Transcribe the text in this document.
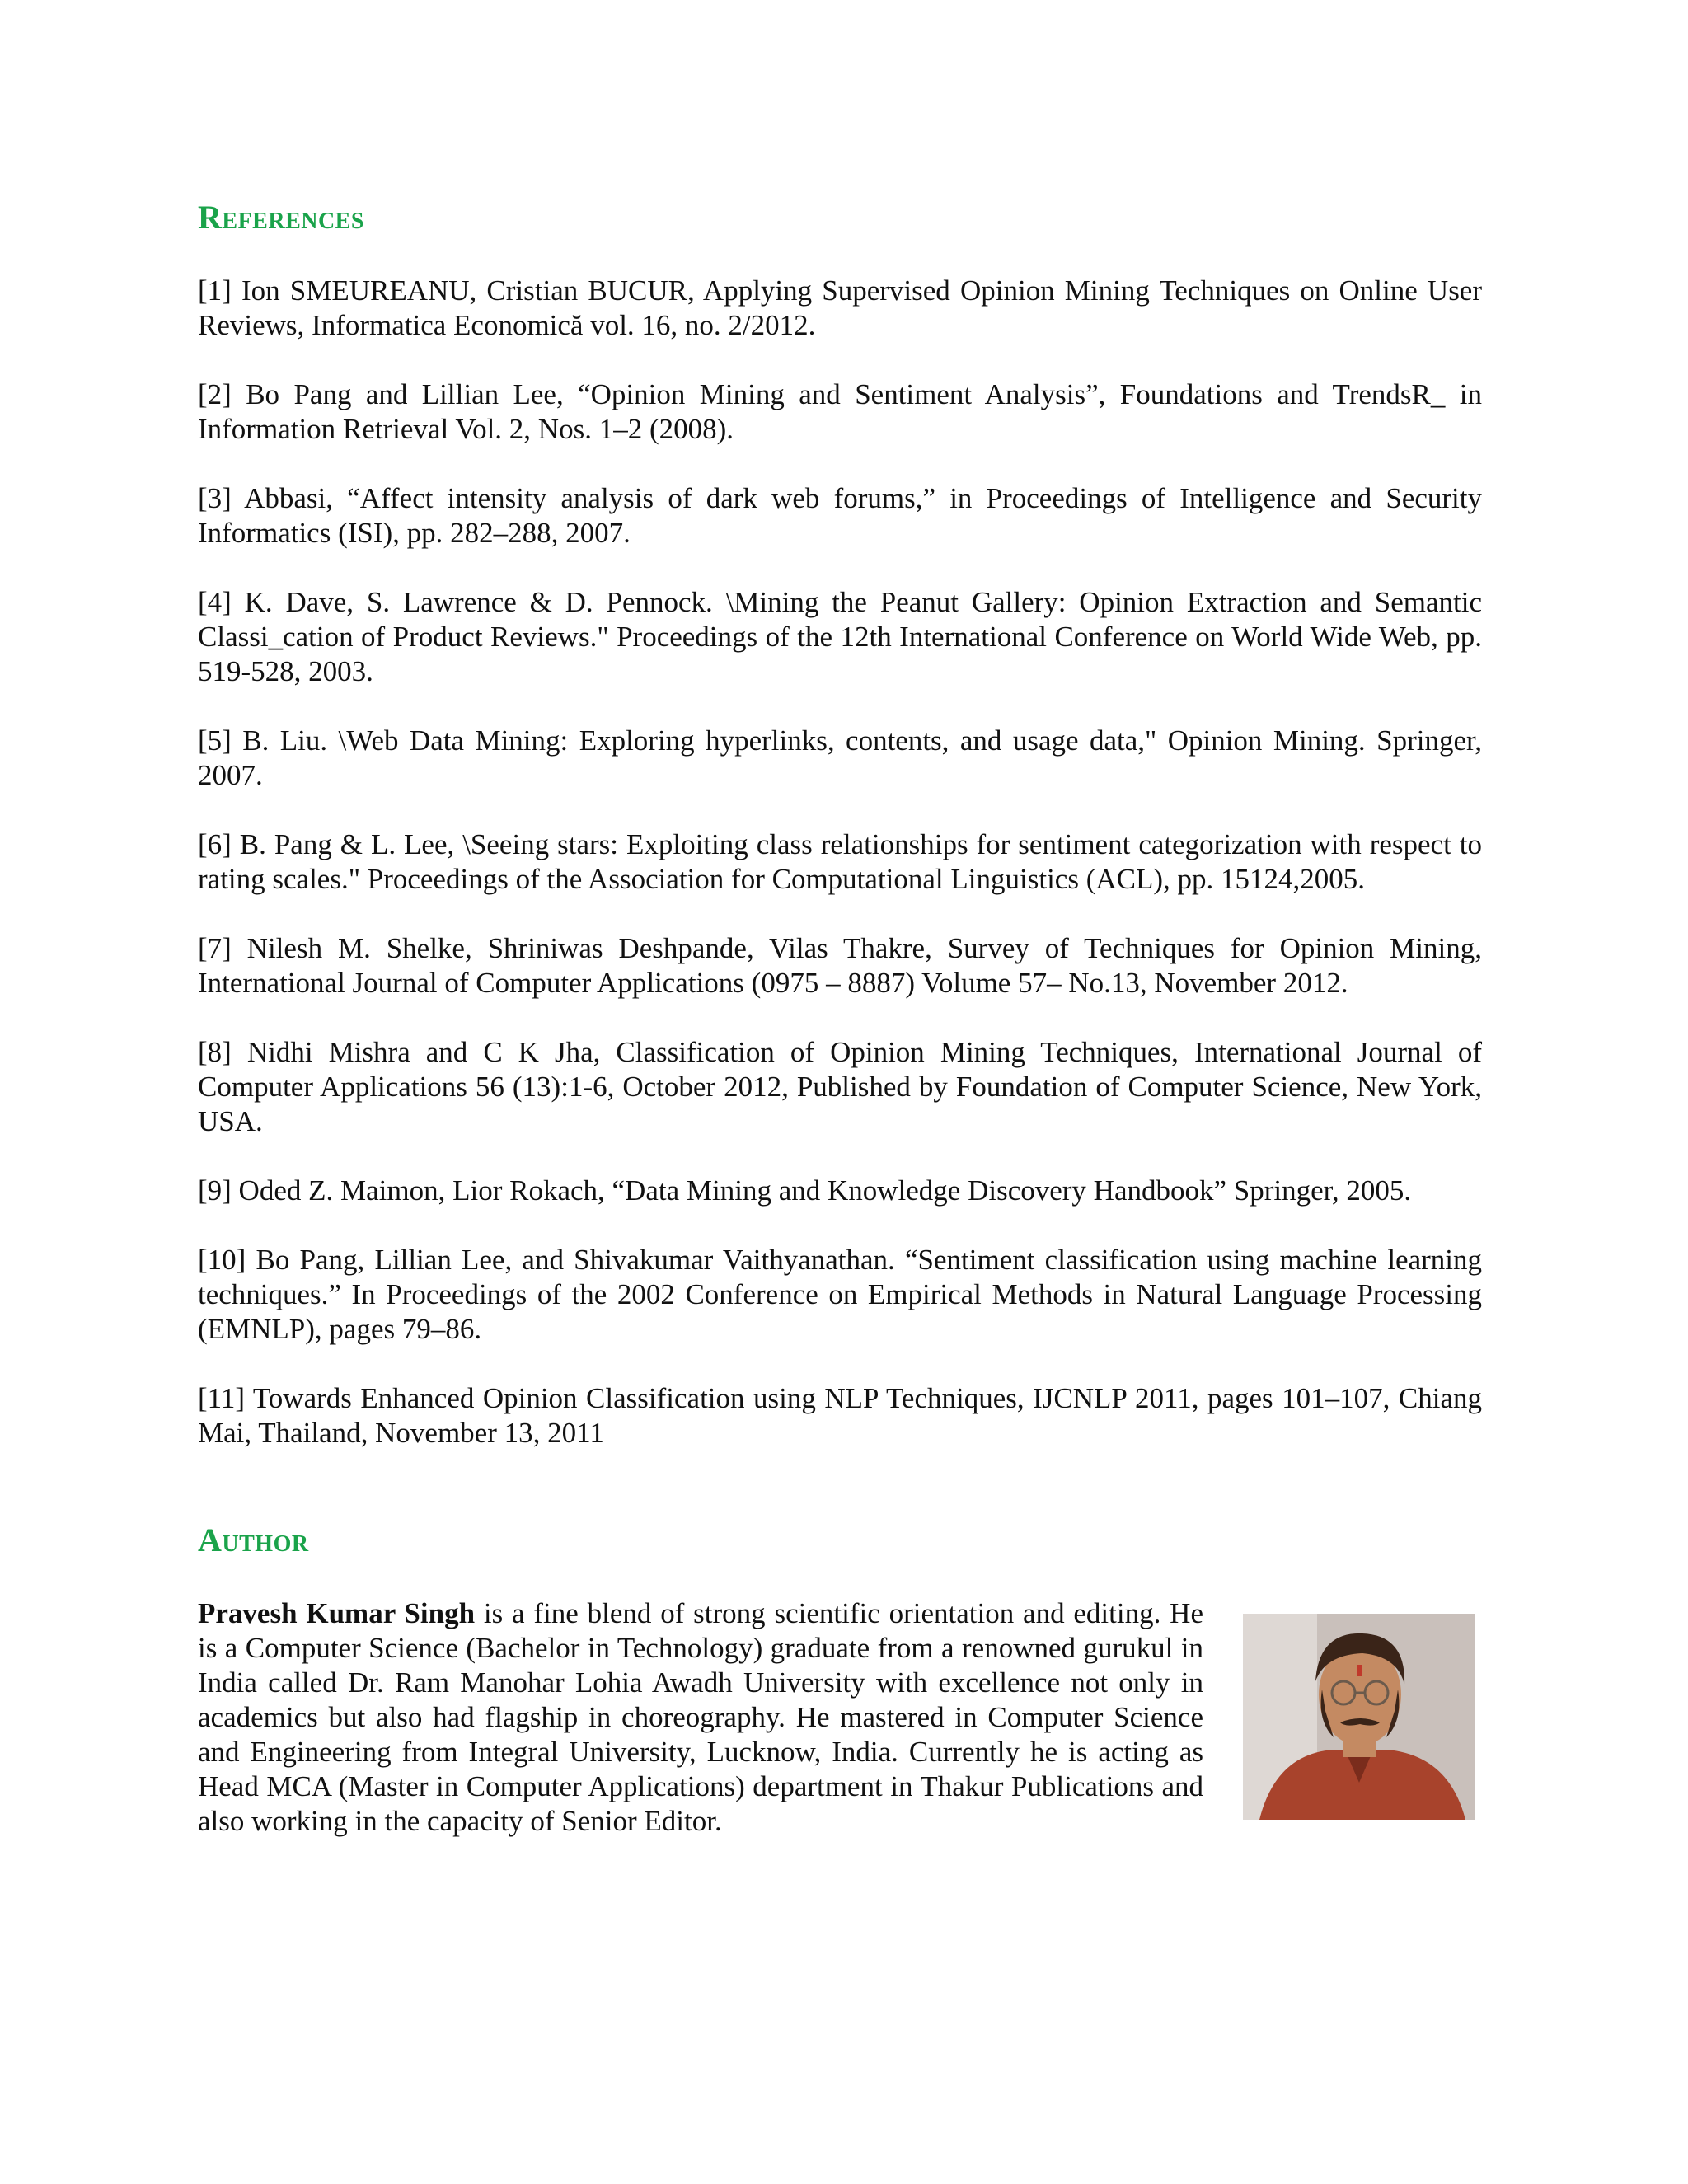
References
[1] Ion SMEUREANU, Cristian BUCUR, Applying Supervised Opinion Mining Techniques on Online User Reviews, Informatica Economică vol. 16, no. 2/2012.
[2] Bo Pang and Lillian Lee, “Opinion Mining and Sentiment Analysis”, Foundations and TrendsR_ in Information Retrieval Vol. 2, Nos. 1–2 (2008).
[3] Abbasi, “Affect intensity analysis of dark web forums,” in Proceedings of Intelligence and Security Informatics (ISI), pp. 282–288, 2007.
[4] K. Dave, S. Lawrence & D. Pennock. \Mining the Peanut Gallery: Opinion Extraction and Semantic Classi_cation of Product Reviews." Proceedings of the 12th International Conference on World Wide Web, pp. 519-528, 2003.
[5] B. Liu. \Web Data Mining: Exploring hyperlinks, contents, and usage data," Opinion Mining. Springer, 2007.
[6] B. Pang & L. Lee, \Seeing stars: Exploiting class relationships for sentiment categorization with respect to rating scales." Proceedings of the Association for Computational Linguistics (ACL), pp. 15124,2005.
[7] Nilesh M. Shelke, Shriniwas Deshpande, Vilas Thakre, Survey of Techniques for Opinion Mining, International Journal of Computer Applications (0975 – 8887) Volume 57– No.13, November 2012.
[8] Nidhi Mishra and C K Jha, Classification of Opinion Mining Techniques, International Journal of Computer Applications 56 (13):1-6, October 2012, Published by Foundation of Computer Science, New York, USA.
[9] Oded Z. Maimon, Lior Rokach, “Data Mining and Knowledge Discovery Handbook” Springer, 2005.
[10] Bo Pang, Lillian Lee, and Shivakumar Vaithyanathan. “Sentiment classification using machine learning techniques.” In Proceedings of the 2002 Conference on Empirical Methods in Natural Language Processing (EMNLP), pages 79–86.
[11] Towards Enhanced Opinion Classification using NLP Techniques, IJCNLP 2011, pages 101–107, Chiang Mai, Thailand, November 13, 2011
Author

Pravesh Kumar Singh is a fine blend of strong scientific orientation and editing. He is a Computer Science (Bachelor in Technology) graduate from a renowned gurukul in India called Dr. Ram Manohar Lohia Awadh University with excellence not only in academics but also had flagship in choreography. He mastered in Computer Science and Engineering from Integral University, Lucknow, India. Currently he is acting as Head MCA (Master in Computer Applications) department in Thakur Publications and also working in the capacity of Senior Editor.
